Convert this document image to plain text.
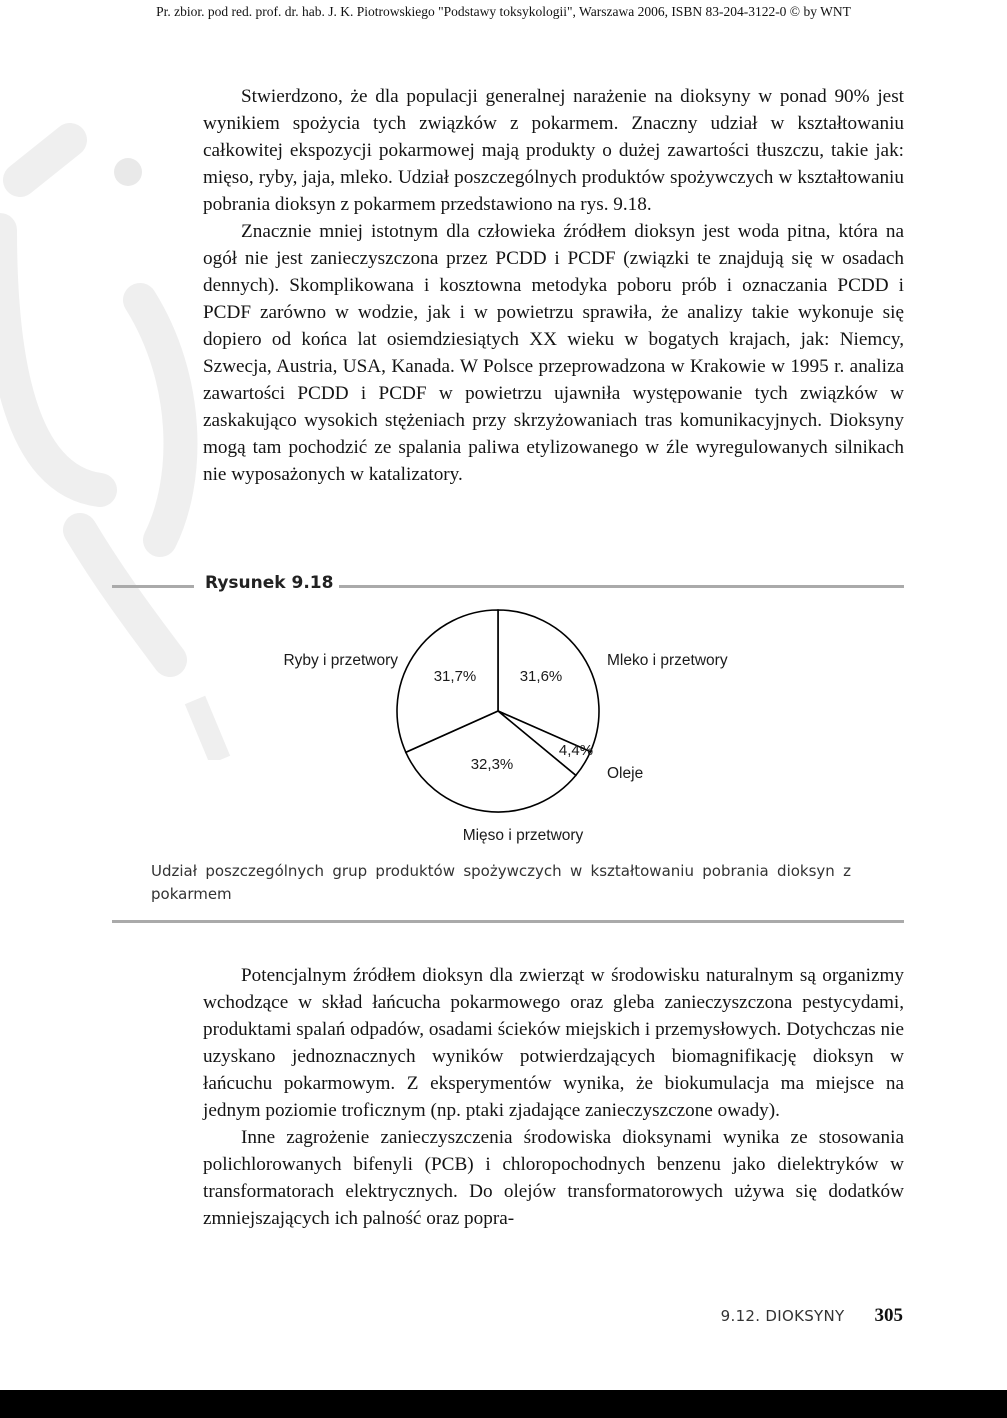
Pr. zbior. pod red. prof. dr. hab. J. K. Piotrowskiego "Podstawy toksykologii", Warszawa 2006, ISBN 83-204-3122-0 © by WNT

Stwierdzono, że dla populacji generalnej narażenie na dioksyny w ponad 90% jest wynikiem spożycia tych związków z pokarmem. Znaczny udział w kształtowaniu całkowitej ekspozycji pokarmowej mają produkty o dużej zawartości tłuszczu, takie jak: mięso, ryby, jaja, mleko. Udział poszczególnych produktów spożywczych w kształtowaniu pobrania dioksyn z pokarmem przedstawiono na rys. 9.18.

Znacznie mniej istotnym dla człowieka źródłem dioksyn jest woda pitna, która na ogół nie jest zanieczyszczona przez PCDD i PCDF (związki te znajdują się w osadach dennych). Skomplikowana i kosztowna metodyka poboru prób i oznaczania PCDD i PCDF zarówno w wodzie, jak i w powietrzu sprawiła, że analizy takie wykonuje się dopiero od końca lat osiemdziesiątych XX wieku w bogatych krajach, jak: Niemcy, Szwecja, Austria, USA, Kanada. W Polsce przeprowadzona w Krakowie w 1995 r. analiza zawartości PCDD i PCDF w powietrzu ujawniła występowanie tych związków w zaskakująco wysokich stężeniach przy skrzyżowaniach tras komunikacyjnych. Dioksyny mogą tam pochodzić ze spalania paliwa etylizowanego w źle wyregulowanych silnikach nie wyposażonych w katalizatory.

Rysunek 9.18
31,6%
Mleko i przetwory
4,4%
Oleje
32,3%
Mięso i przetwory
31,7%
Ryby i przetwory
Udział poszczególnych grup produktów spożywczych w kształtowaniu pobrania dioksyn z pokarmem

Potencjalnym źródłem dioksyn dla zwierząt w środowisku naturalnym są organizmy wchodzące w skład łańcucha pokarmowego oraz gleba zanieczyszczona pestycydami, produktami spalań odpadów, osadami ścieków miejskich i przemysłowych. Dotychczas nie uzyskano jednoznacznych wyników potwierdzających biomagnifikację dioksyn w łańcuchu pokarmowym. Z eksperymentów wynika, że biokumulacja ma miejsce na jednym poziomie troficznym (np. ptaki zjadające zanieczyszczone owady).

Inne zagrożenie zanieczyszczenia środowiska dioksynami wynika ze stosowania polichlorowanych bifenyli (PCB) i chloropochodnych benzenu jako dielektryków w transformatorach elektrycznych. Do olejów transformatorowych używa się dodatków zmniejszających ich palność oraz popra-

9.12. DIOKSYNY 305
